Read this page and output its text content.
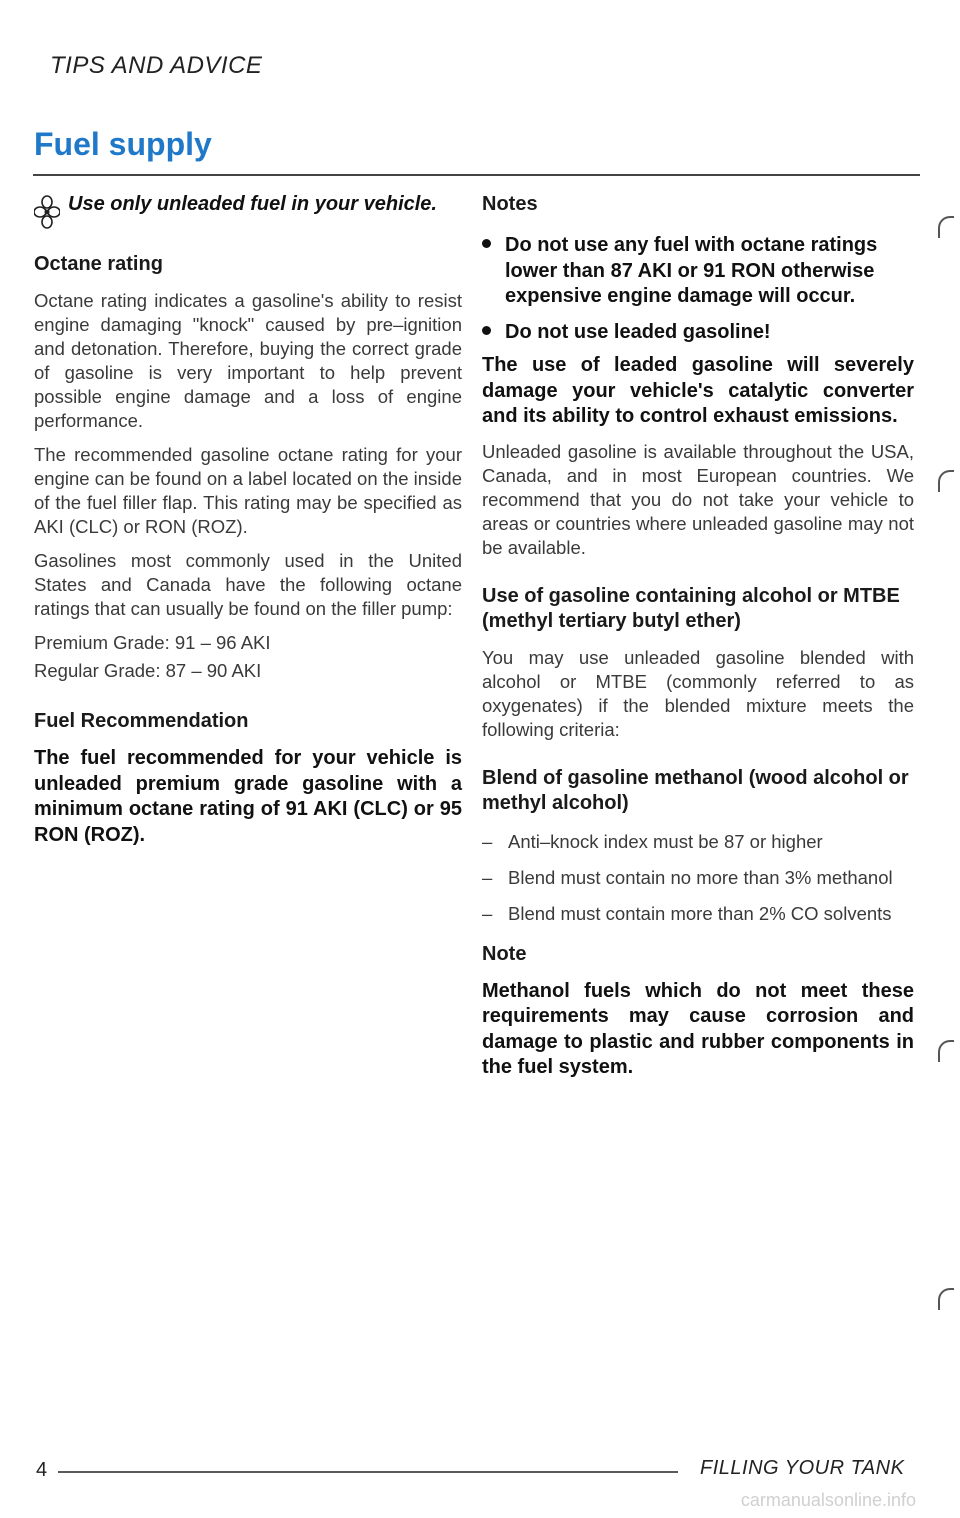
TIPS AND ADVICE
Fuel supply
Use only unleaded fuel in your vehicle.
Octane rating
Octane rating indicates a gasoline's ability to resist engine damaging "knock" caused by pre–ignition and detonation. Therefore, buying the correct grade of gasoline is very important to help prevent possible engine damage and a loss of engine performance.
The recommended gasoline octane rating for your engine can be found on a label located on the inside of the fuel filler flap. This rating may be specified as AKI (CLC) or RON (ROZ).
Gasolines most commonly used in the United States and Canada have the following octane ratings that can usually be found on the filler pump:
Premium Grade: 91 – 96 AKI
Regular Grade: 87 – 90 AKI
Fuel Recommendation
The fuel recommended for your vehicle is unleaded premium grade gasoline with a minimum octane rating of 91 AKI (CLC) or 95 RON (ROZ).
Notes
Do not use any fuel with octane ratings lower than 87 AKI or 91 RON otherwise expensive engine damage will occur.
Do not use leaded gasoline!
The use of leaded gasoline will severely damage your vehicle's catalytic converter and its ability to control exhaust emissions.
Unleaded gasoline is available throughout the USA, Canada, and in most European countries. We recommend that you do not take your vehicle to areas or countries where unleaded gasoline may not be available.
Use of gasoline containing alcohol or MTBE (methyl tertiary butyl ether)
You may use unleaded gasoline blended with alcohol or MTBE (commonly referred to as oxygenates) if the blended mixture meets the following criteria:
Blend of gasoline methanol (wood alcohol or methyl alcohol)
– Anti–knock index must be 87 or higher
– Blend must contain no more than 3% methanol
– Blend must contain more than 2% CO solvents
Note
Methanol fuels which do not meet these requirements may cause corrosion and damage to plastic and rubber components in the fuel system.
4	FILLING YOUR TANK
carmanualsonline.info
